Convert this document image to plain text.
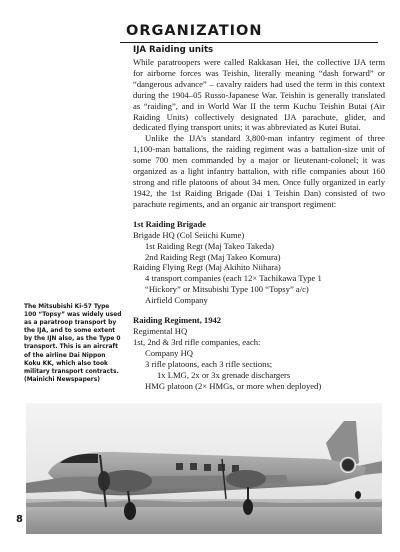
ORGANIZATION
IJA Raiding units

While paratroopers were called Rakkasan Hei, the collective IJA term for airborne forces was Teishin, literally meaning “dash forward” or “dangerous advance” – cavalry raiders had used the term in this context during the 1904–05 Russo-Japanese War. Teishin is generally translated as “raiding”, and in World War II the term Kuchu Teishin Butai (Air Raiding Units) collectively designated IJA parachute, glider, and dedicated flying transport units; it was abbreviated as Kutei Butai.

Unlike the IJA’s standard 3,800-man infantry regiment of three 1,100-man battalions, the raiding regiment was a battalion-size unit of some 700 men commanded by a major or lieutenant-colonel; it was organized as a light infantry battalion, with rifle companies about 160 strong and rifle platoons of about 34 men. Once fully organized in early 1942, the 1st Raiding Brigade (Dai 1 Teishin Dan) consisted of two parachute regiments, and an organic air transport regiment:

1st Raiding Brigade
Brigade HQ (Col Seiichi Kume)
1st Raiding Regt (Maj Takeo Takeda)
2nd Raiding Regt (Maj Takeo Komura)
Raiding Flying Regt (Maj Akihito Niihara)
4 transport companies (each 12× Tachikawa Type 1
“Hickory” or Mitsubishi Type 100 “Topsy” a/c)
Airfield Company
Raiding Regiment, 1942
Regimental HQ
1st, 2nd & 3rd rifle companies, each:
Company HQ
3 rifle platoons, each 3 rifle sections;
1x LMG, 2x or 3x grenade dischargers
HMG platoon (2× HMGs, or more when deployed)
The Mitsubishi Ki-57 Type 100 “Topsy” was widely used as a paratroop transport by the IJA, and to some extent by the IJN also, as the Type 0 transport. This is an aircraft of the airline Dai Nippon Koku KK, which also took military transport contracts. (Mainichi Newspapers)
8
